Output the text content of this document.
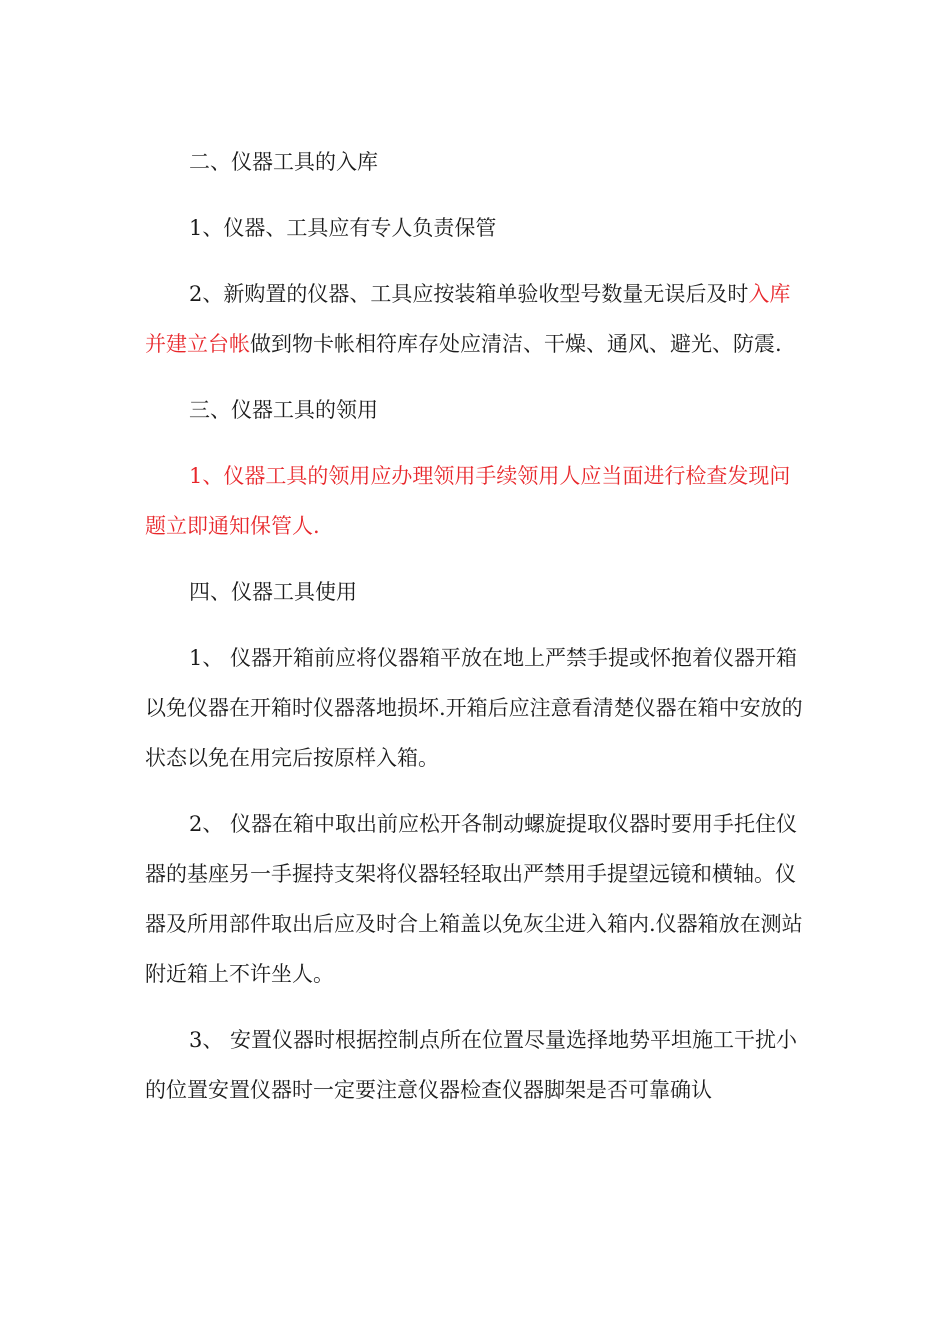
二、仪器工具的入库

1、仪器、工具应有专人负责保管

2、新购置的仪器、工具应按装箱单验收型号数量无误后及时入库并建立台帐做到物卡帐相符库存处应清洁、干燥、通风、避光、防震.

三、仪器工具的领用

1、仪器工具的领用应办理领用手续领用人应当面进行检查发现问题立即通知保管人.

四、仪器工具使用

1、 仪器开箱前应将仪器箱平放在地上严禁手提或怀抱着仪器开箱以免仪器在开箱时仪器落地损坏.开箱后应注意看清楚仪器在箱中安放的状态以免在用完后按原样入箱。

2、 仪器在箱中取出前应松开各制动螺旋提取仪器时要用手托住仪器的基座另一手握持支架将仪器轻轻取出严禁用手提望远镜和横轴。仪器及所用部件取出后应及时合上箱盖以免灰尘进入箱内.仪器箱放在测站附近箱上不许坐人。

3、 安置仪器时根据控制点所在位置尽量选择地势平坦施工干扰小的位置安置仪器时一定要注意仪器检查仪器脚架是否可靠确认
